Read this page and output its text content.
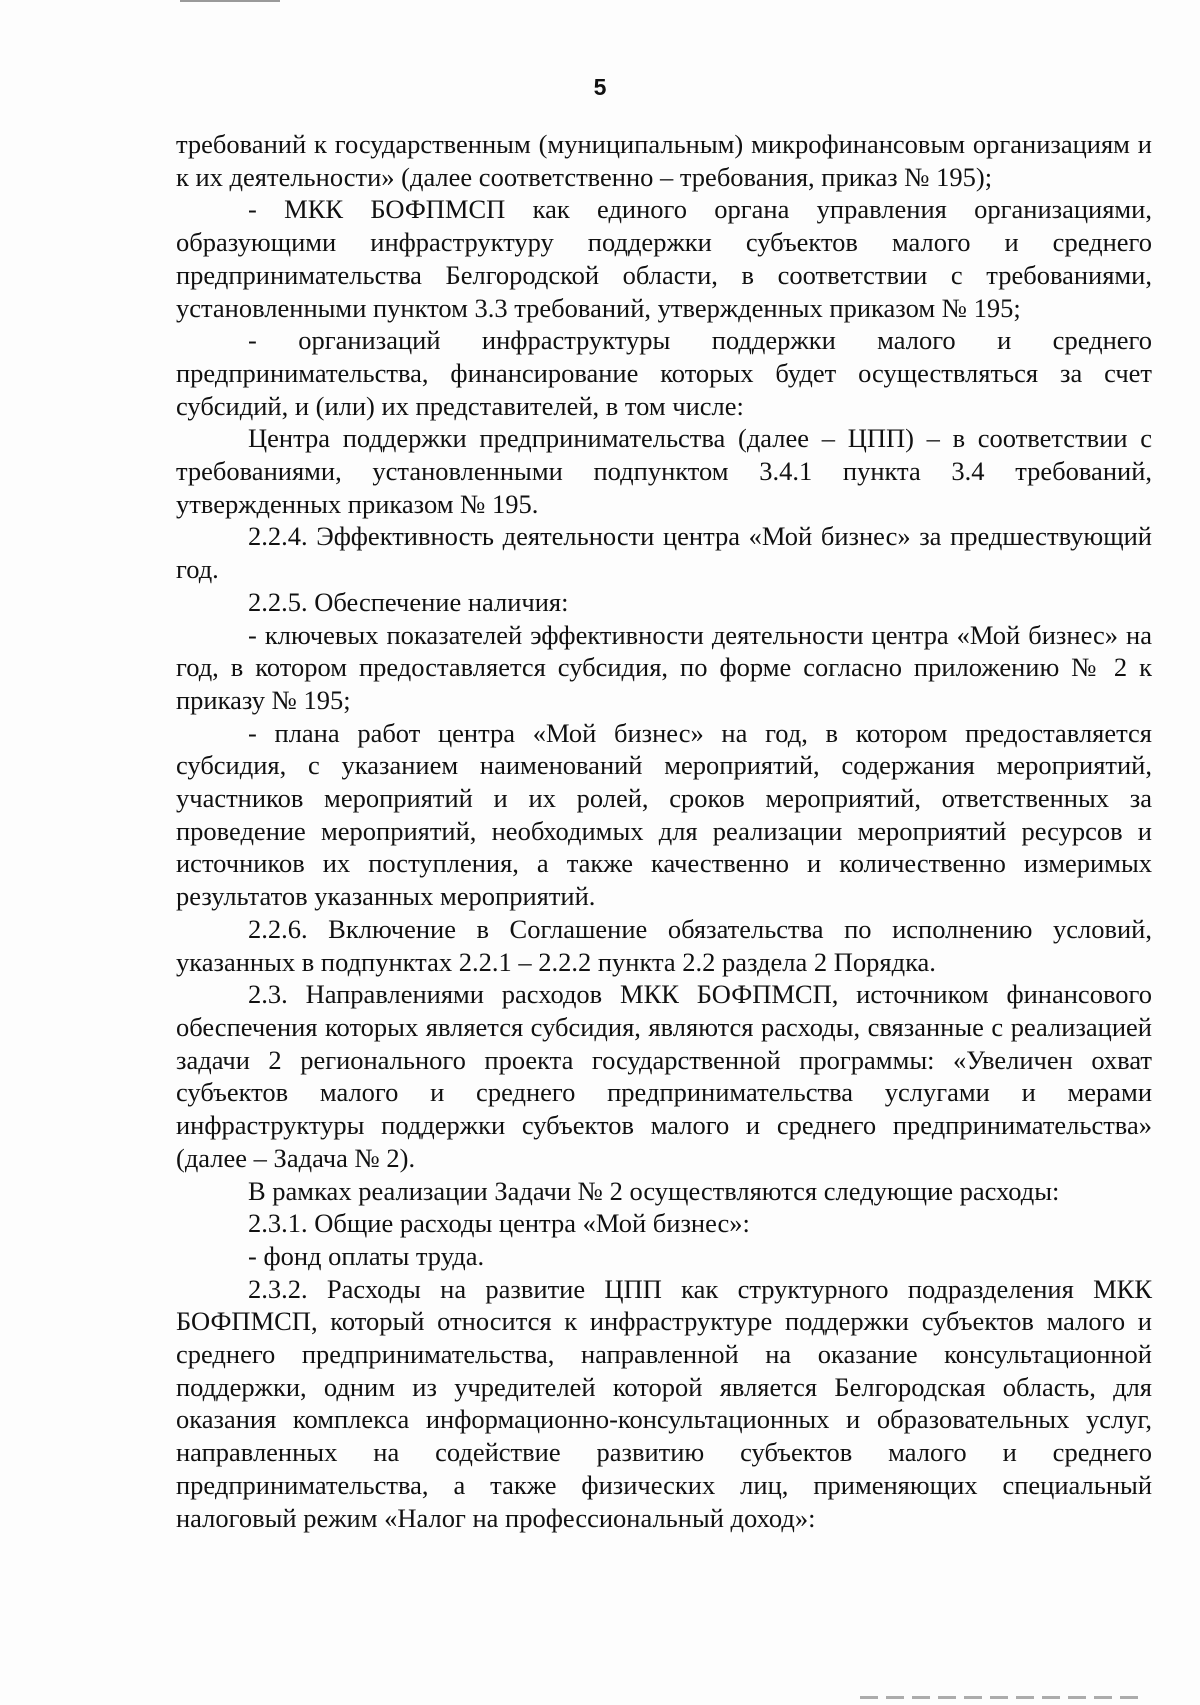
5

требований к государственным (муниципальным) микрофинансовым организациям и к их деятельности» (далее соответственно – требования, приказ № 195);

- МКК БОФПМСП как единого органа управления организациями, образующими инфраструктуру поддержки субъектов малого и среднего предпринимательства Белгородской области, в соответствии с требованиями, установленными пунктом 3.3 требований, утвержденных приказом № 195;

- организаций инфраструктуры поддержки малого и среднего предпринимательства, финансирование которых будет осуществляться за счет субсидий, и (или) их представителей, в том числе:

Центра поддержки предпринимательства (далее – ЦПП) – в соответствии с требованиями, установленными подпунктом 3.4.1 пункта 3.4 требований, утвержденных приказом № 195.

2.2.4. Эффективность деятельности центра «Мой бизнес» за предшествующий год.

2.2.5. Обеспечение наличия:

- ключевых показателей эффективности деятельности центра «Мой бизнес» на год, в котором предоставляется субсидия, по форме согласно приложению № 2 к приказу № 195;

- плана работ центра «Мой бизнес» на год, в котором предоставляется субсидия, с указанием наименований мероприятий, содержания мероприятий, участников мероприятий и их ролей, сроков мероприятий, ответственных за проведение мероприятий, необходимых для реализации мероприятий ресурсов и источников их поступления, а также качественно и количественно измеримых результатов указанных мероприятий.

2.2.6. Включение в Соглашение обязательства по исполнению условий, указанных в подпунктах 2.2.1 – 2.2.2 пункта 2.2 раздела 2 Порядка.

2.3. Направлениями расходов МКК БОФПМСП, источником финансового обеспечения которых является субсидия, являются расходы, связанные с реализацией задачи 2 регионального проекта государственной программы: «Увеличен охват субъектов малого и среднего предпринимательства услугами и мерами инфраструктуры поддержки субъектов малого и среднего предпринимательства» (далее – Задача № 2).

В рамках реализации Задачи № 2 осуществляются следующие расходы:

2.3.1. Общие расходы центра «Мой бизнес»:

- фонд оплаты труда.

2.3.2. Расходы на развитие ЦПП как структурного подразделения МКК БОФПМСП, который относится к инфраструктуре поддержки субъектов малого и среднего предпринимательства, направленной на оказание консультационной поддержки, одним из учредителей которой является Белгородская область, для оказания комплекса информационно-консультационных и образовательных услуг, направленных на содействие развитию субъектов малого и среднего предпринимательства, а также физических лиц, применяющих специальный налоговый режим «Налог на профессиональный доход»:
